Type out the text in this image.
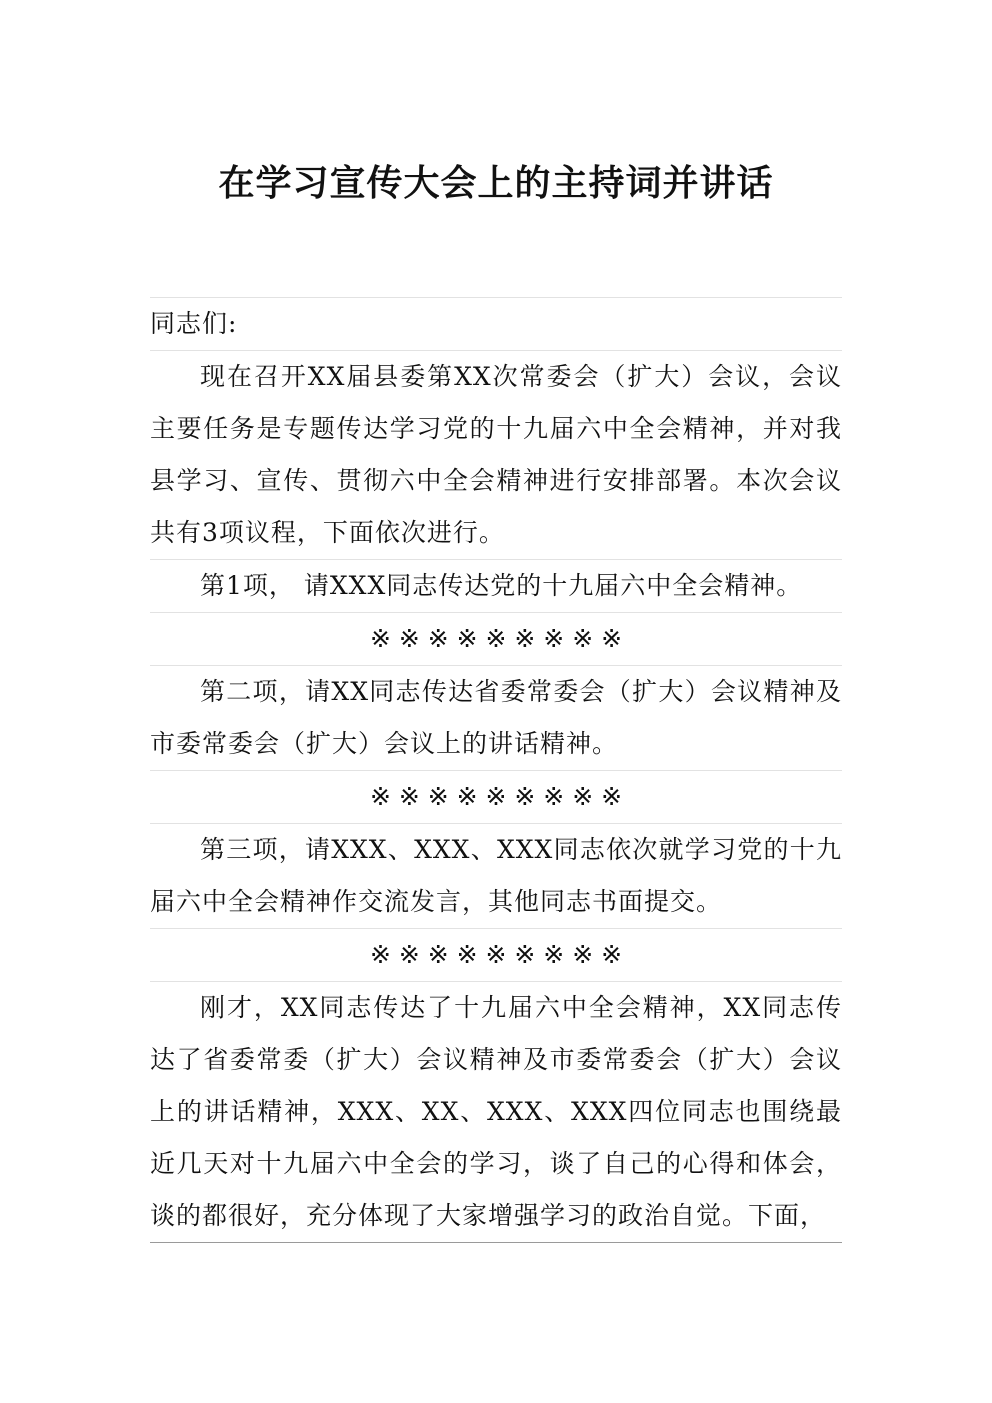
在学习宣传大会上的主持词并讲话

同志们:

现在召开XX届县委第XX次常委会（扩大）会议，会议主要任务是专题传达学习党的十九届六中全会精神，并对我县学习、宣传、贯彻六中全会精神进行安排部署。本次会议共有3项议程，下面依次进行。

第1项， 请XXX同志传达党的十九届六中全会精神。

※ ※ ※ ※ ※ ※ ※ ※ ※

第二项，请XX同志传达省委常委会（扩大）会议精神及市委常委会（扩大）会议上的讲话精神。

※ ※ ※ ※ ※ ※ ※ ※ ※

第三项，请XXX、XXX、XXX同志依次就学习党的十九届六中全会精神作交流发言，其他同志书面提交。

※ ※ ※ ※ ※ ※ ※ ※ ※

刚才，XX同志传达了十九届六中全会精神，XX同志传达了省委常委（扩大）会议精神及市委常委会（扩大）会议上的讲话精神，XXX、XX、XXX、XXX四位同志也围绕最近几天对十九届六中全会的学习，谈了自己的心得和体会，谈的都很好，充分体现了大家增强学习的政治自觉。下面，
